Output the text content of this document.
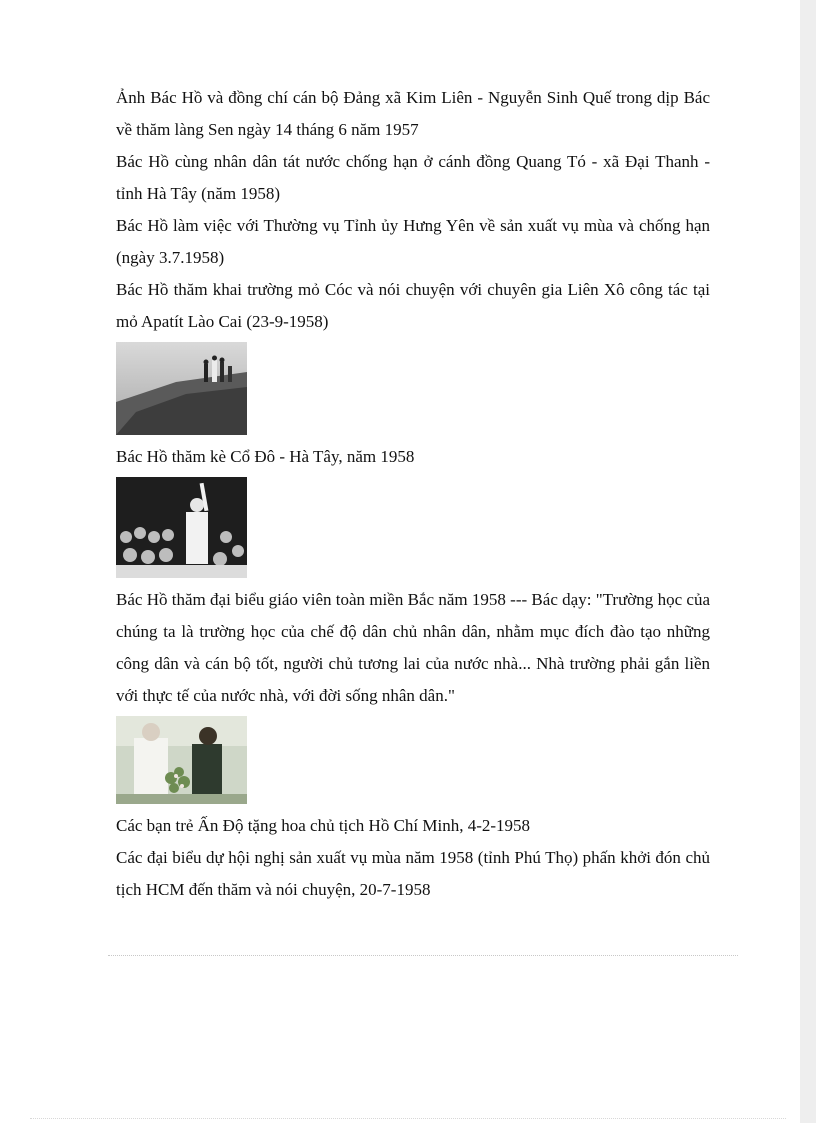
Ảnh Bác Hồ và đồng chí cán bộ Đảng xã Kim Liên - Nguyễn Sinh Quế trong dịp Bác về thăm làng Sen ngày 14 tháng 6 năm 1957

Bác Hồ cùng nhân dân tát nước chống hạn ở cánh đồng Quang Tó - xã Đại Thanh - tỉnh Hà Tây (năm 1958)

Bác Hồ làm việc với Thường vụ Tỉnh ủy Hưng Yên về sản xuất vụ mùa và chống hạn (ngày 3.7.1958)

Bác Hồ thăm khai trường mỏ Cóc và nói chuyện với chuyên gia Liên Xô công tác tại mỏ Apatít Lào Cai (23-9-1958)

Bác Hồ thăm kè Cổ Đô - Hà Tây, năm 1958

Bác Hồ thăm đại biểu giáo viên toàn miền Bắc năm 1958 --- Bác dạy: "Trường học của chúng ta là trường học của chế độ dân chủ nhân dân, nhằm mục đích đào tạo những công dân và cán bộ tốt, người chủ tương lai của nước nhà... Nhà trường phải gắn liền với thực tế của nước nhà, với đời sống nhân dân."

Các bạn trẻ Ấn Độ tặng hoa chủ tịch Hồ Chí Minh, 4-2-1958

Các đại biểu dự hội nghị sản xuất vụ mùa năm 1958 (tỉnh Phú Thọ) phấn khởi đón chủ tịch HCM đến thăm và nói chuyện, 20-7-1958
